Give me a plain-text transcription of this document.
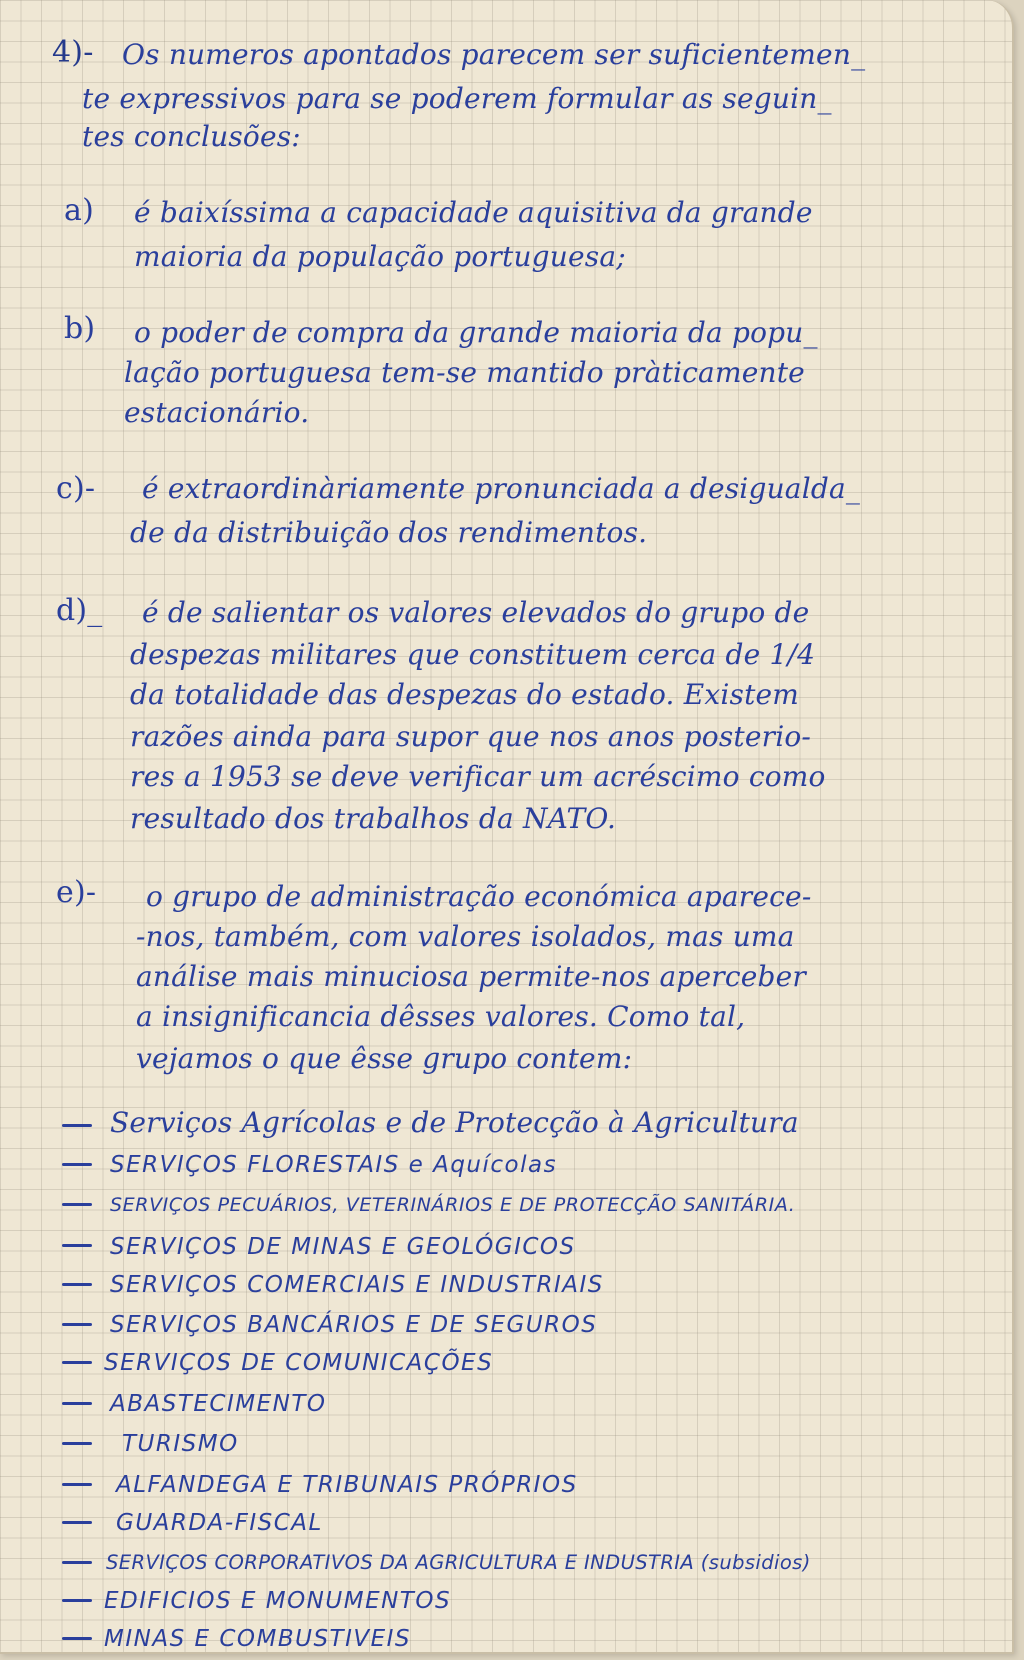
4)- Os numeros apontados parecem ser suficientemen_
te expressivos para se poderem formular as seguin_
tes conclusões:
a) é baixíssima a capacidade aquisitiva da grande
maioria da população portuguesa;
b) o poder de compra da grande maioria da popu_
lação portuguesa tem-se mantido pràticamente
estacionário.
c)- é extraordinàriamente pronunciada a desigualda_
de da distribuição dos rendimentos.
d)_ é de salientar os valores elevados do grupo de
despezas militares que constituem cerca de 1/4
da totalidade das despezas do estado. Existem
razões ainda para supor que nos anos posterio-
res a 1953 se deve verificar um acréscimo como
resultado dos trabalhos da NATO.
e)- o grupo de administração económica aparece-
-nos, também, com valores isolados, mas uma
análise mais minuciosa permite-nos aperceber
a insignificancia dêsses valores. Como tal,
vejamos o que êsse grupo contem:
Serviços Agrícolas e de Protecção à Agricultura
SERVIÇOS FLORESTAIS e Aquícolas
SERVIÇOS PECUÁRIOS, VETERINÁRIOS E DE PROTECÇÃO SANITÁRIA.
SERVIÇOS DE MINAS E GEOLÓGICOS
SERVIÇOS COMERCIAIS E INDUSTRIAIS
SERVIÇOS BANCÁRIOS E DE SEGUROS
SERVIÇOS DE COMUNICAÇÕES
ABASTECIMENTO
TURISMO
ALFANDEGA E TRIBUNAIS PRÓPRIOS
GUARDA-FISCAL
SERVIÇOS CORPORATIVOS DA AGRICULTURA E INDUSTRIA (subsidios)
EDIFICIOS E MONUMENTOS
MINAS E COMBUSTIVEIS
